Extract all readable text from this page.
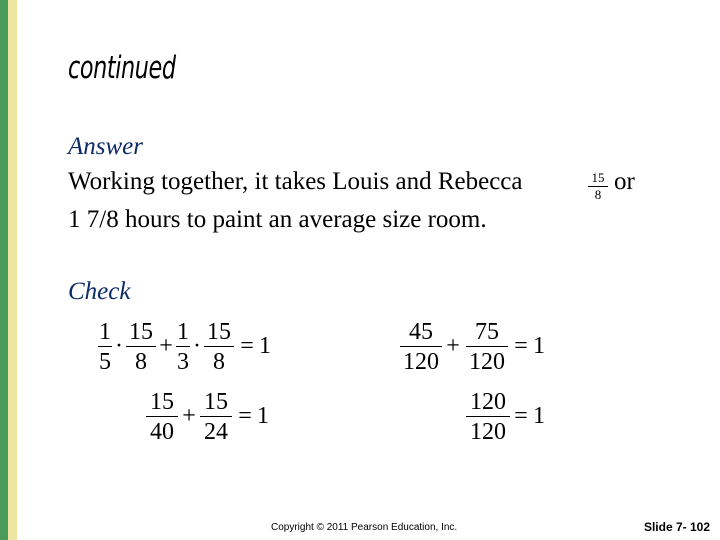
continued
Answer
Working together, it takes Louis and Rebecca	$\frac{15}{8}$ or
1 7/8 hours to paint an average size room.
Check
$\frac{1}{5} \cdot \frac{15}{8} + \frac{1}{3} \cdot \frac{15}{8} = 1$
$\frac{15}{40} + \frac{15}{24} = 1$
$\frac{45}{120} + \frac{75}{120} = 1$
$\frac{120}{120} = 1$
Copyright © 2011 Pearson Education, Inc.	Slide 7- 102
